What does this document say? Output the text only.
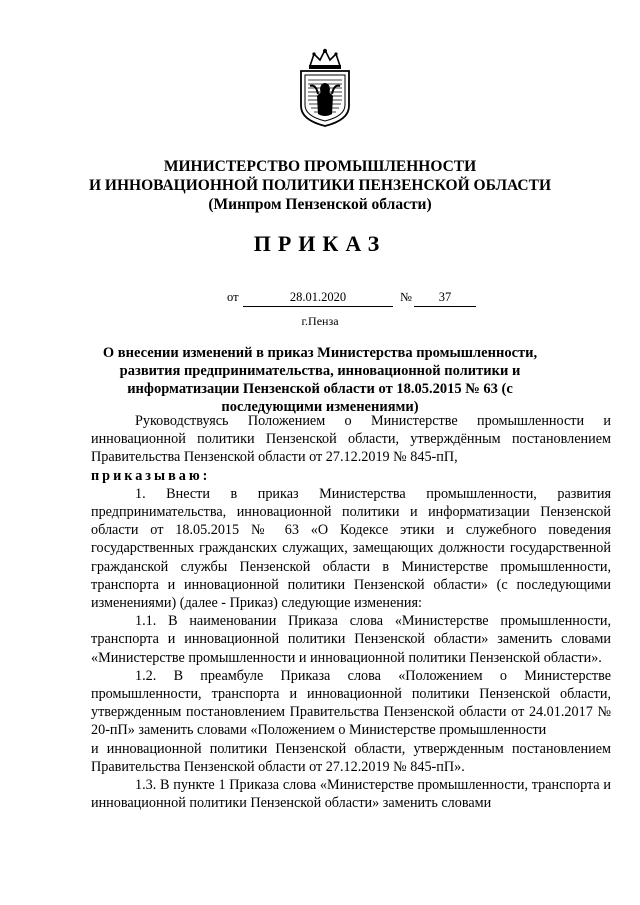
МИНИСТЕРСТВО ПРОМЫШЛЕННОСТИ
И ИННОВАЦИОННОЙ ПОЛИТИКИ ПЕНЗЕНСКОЙ ОБЛАСТИ
(Минпром Пензенской области)
ПРИКАЗ
от	28.01.2020	№	37
г.Пенза
О внесении изменений в приказ Министерства промышленности, развития предпринимательства, инновационной политики и информатизации Пензенской области от 18.05.2015 № 63 (с последующими изменениями)

Руководствуясь Положением о Министерстве промышленности и инновационной политики Пензенской области, утверждённым постановлением Правительства Пензенской области от 27.12.2019 № 845-пП,

приказываю:

1. Внести в приказ Министерства промышленности, развития предпринимательства, инновационной политики и информатизации Пензенской области от 18.05.2015 № 63 «О Кодексе этики и служебного поведения государственных гражданских служащих, замещающих должности государственной гражданской службы Пензенской области в Министерстве промышленности, транспорта и инновационной политики Пензенской области» (с последующими изменениями) (далее - Приказ) следующие изменения:

1.1. В наименовании Приказа слова «Министерстве промышленности, транспорта и инновационной политики Пензенской области» заменить словами «Министерстве промышленности и инновационной политики Пензенской области».

1.2. В преамбуле Приказа слова «Положением о Министерстве промышленности, транспорта и инновационной политики Пензенской области, утвержденным постановлением Правительства Пензенской области от 24.01.2017 № 20-пП» заменить словами «Положением о Министерстве промышленности

и инновационной политики Пензенской области, утвержденным постановлением Правительства Пензенской области от 27.12.2019 № 845-пП».

1.3. В пункте 1 Приказа слова «Министерстве промышленности, транспорта и инновационной политики Пензенской области» заменить словами
